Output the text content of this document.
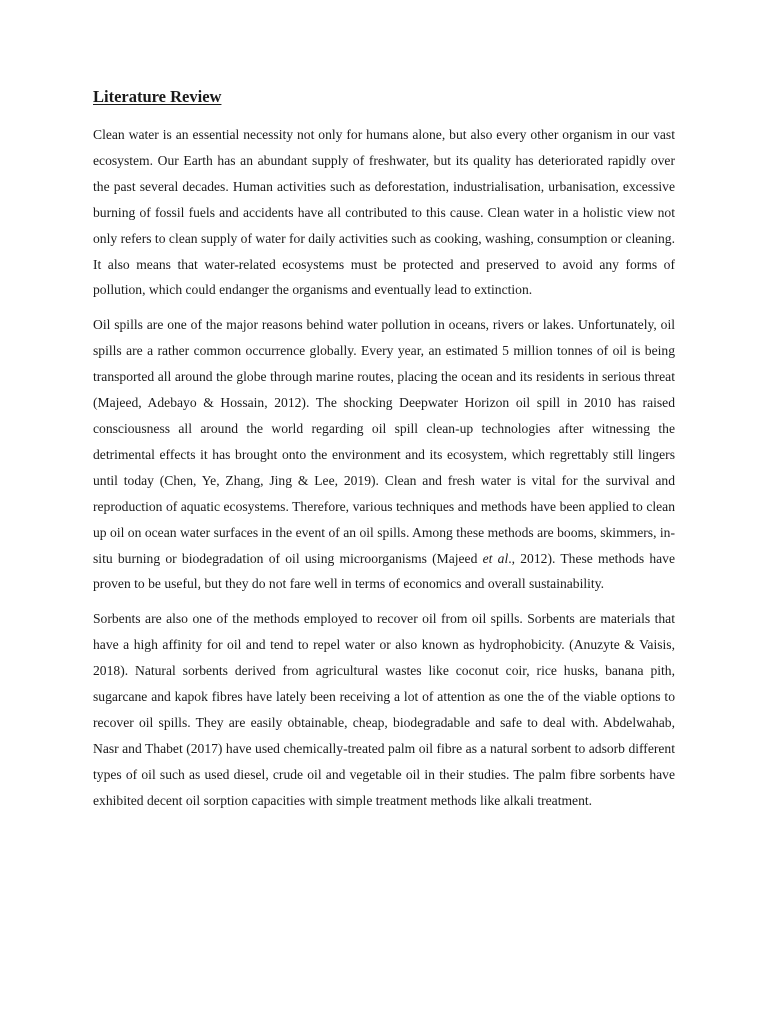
Literature Review

Clean water is an essential necessity not only for humans alone, but also every other organism in our vast ecosystem. Our Earth has an abundant supply of freshwater, but its quality has deteriorated rapidly over the past several decades. Human activities such as deforestation, industrialisation, urbanisation, excessive burning of fossil fuels and accidents have all contributed to this cause. Clean water in a holistic view not only refers to clean supply of water for daily activities such as cooking, washing, consumption or cleaning. It also means that water-related ecosystems must be protected and preserved to avoid any forms of pollution, which could endanger the organisms and eventually lead to extinction.

Oil spills are one of the major reasons behind water pollution in oceans, rivers or lakes. Unfortunately, oil spills are a rather common occurrence globally. Every year, an estimated 5 million tonnes of oil is being transported all around the globe through marine routes, placing the ocean and its residents in serious threat (Majeed, Adebayo & Hossain, 2012). The shocking Deepwater Horizon oil spill in 2010 has raised consciousness all around the world regarding oil spill clean-up technologies after witnessing the detrimental effects it has brought onto the environment and its ecosystem, which regrettably still lingers until today (Chen, Ye, Zhang, Jing & Lee, 2019). Clean and fresh water is vital for the survival and reproduction of aquatic ecosystems. Therefore, various techniques and methods have been applied to clean up oil on ocean water surfaces in the event of an oil spills. Among these methods are booms, skimmers, in-situ burning or biodegradation of oil using microorganisms (Majeed et al., 2012). These methods have proven to be useful, but they do not fare well in terms of economics and overall sustainability.

Sorbents are also one of the methods employed to recover oil from oil spills. Sorbents are materials that have a high affinity for oil and tend to repel water or also known as hydrophobicity. (Anuzyte & Vaisis, 2018). Natural sorbents derived from agricultural wastes like coconut coir, rice husks, banana pith, sugarcane and kapok fibres have lately been receiving a lot of attention as one the of the viable options to recover oil spills. They are easily obtainable, cheap, biodegradable and safe to deal with. Abdelwahab, Nasr and Thabet (2017) have used chemically-treated palm oil fibre as a natural sorbent to adsorb different types of oil such as used diesel, crude oil and vegetable oil in their studies. The palm fibre sorbents have exhibited decent oil sorption capacities with simple treatment methods like alkali treatment.
